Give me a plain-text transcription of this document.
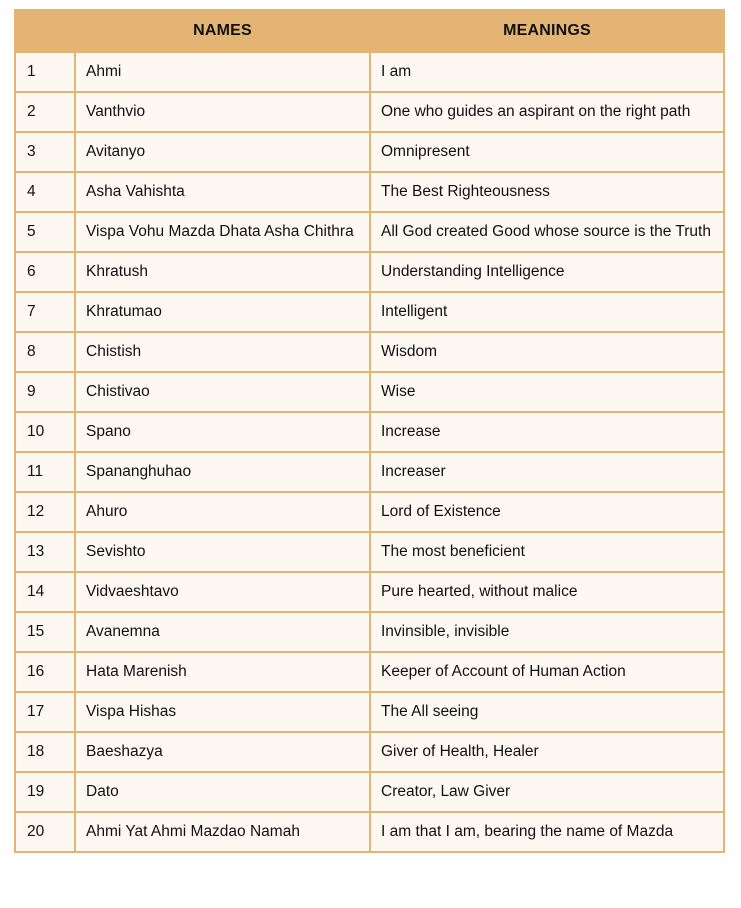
	NAMES	MEANINGS
1	Ahmi	I am
2	Vanthvio	One who guides an aspirant on the right path
3	Avitanyo	Omnipresent
4	Asha Vahishta	The Best Righteousness
5	Vispa Vohu Mazda Dhata Asha Chithra	All God created Good whose source is the Truth
6	Khratush	Understanding Intelligence
7	Khratumao	Intelligent
8	Chistish	Wisdom
9	Chistivao	Wise
10	Spano	Increase
11	Spananghuhao	Increaser
12	Ahuro	Lord of Existence
13	Sevishto	The most beneficient
14	Vidvaeshtavo	Pure hearted, without malice
15	Avanemna	Invinsible, invisible
16	Hata Marenish	Keeper of Account of Human Action
17	Vispa Hishas	The All seeing
18	Baeshazya	Giver of Health, Healer
19	Dato	Creator, Law Giver
20	Ahmi Yat Ahmi Mazdao Namah	I am that I am, bearing the name of Mazda
